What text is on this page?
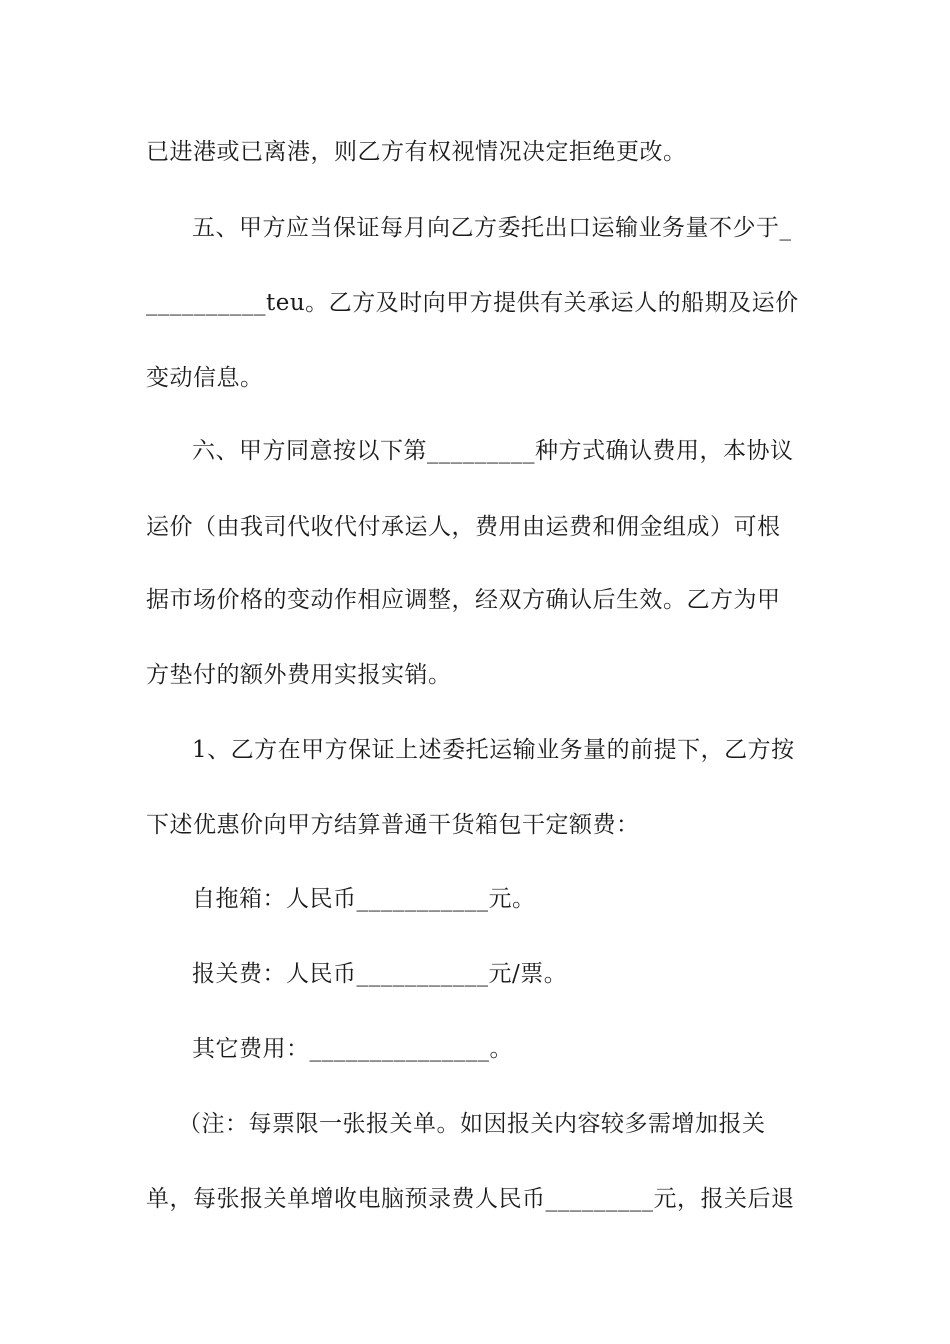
已进港或已离港，则乙方有权视情况决定拒绝更改。
五、甲方应当保证每月向乙方委托出口运输业务量不少于_
__________teu。乙方及时向甲方提供有关承运人的船期及运价
变动信息。
六、甲方同意按以下第_________种方式确认费用，本协议
运价（由我司代收代付承运人，费用由运费和佣金组成）可根
据市场价格的变动作相应调整，经双方确认后生效。乙方为甲
方垫付的额外费用实报实销。
1、乙方在甲方保证上述委托运输业务量的前提下，乙方按
下述优惠价向甲方结算普通干货箱包干定额费：
自拖箱：人民币___________元。
报关费：人民币___________元/票。
其它费用：_______________。
（注：每票限一张报关单。如因报关内容较多需增加报关
单，每张报关单增收电脑预录费人民币_________元，报关后退
